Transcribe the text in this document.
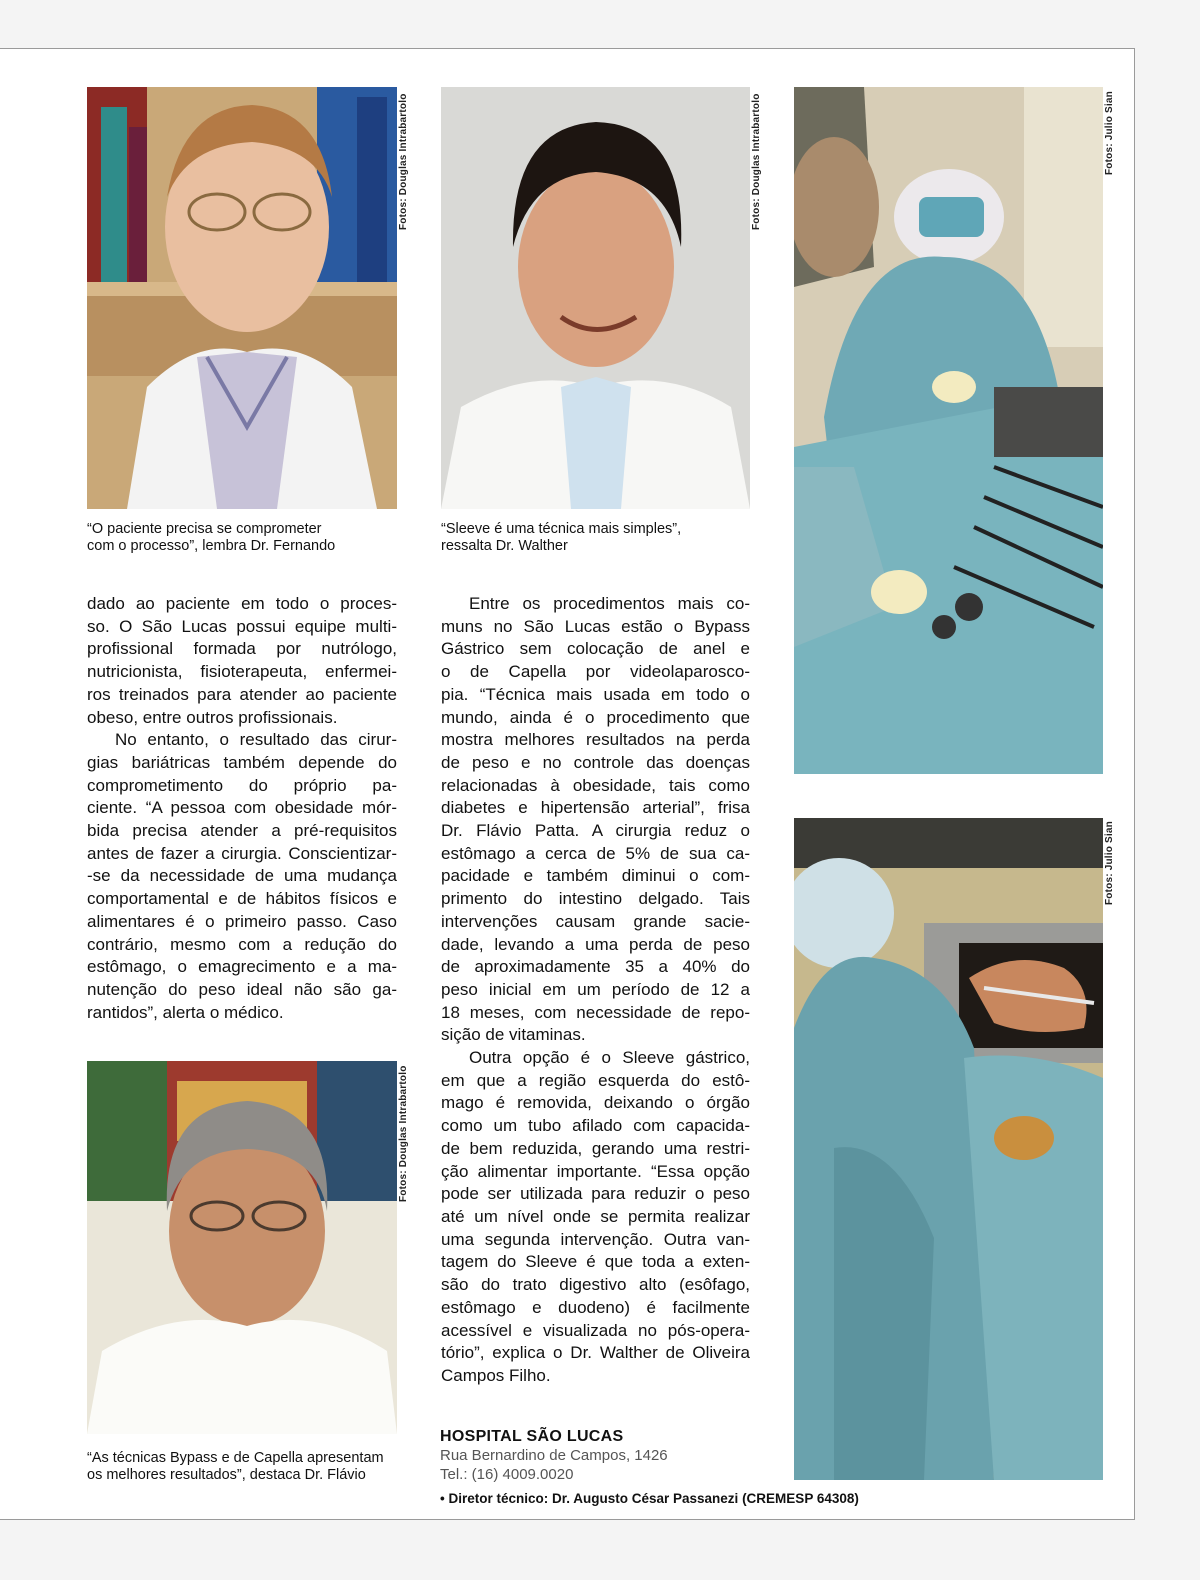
Fotos: Douglas Intrabartolo	Fotos: Douglas Intrabartolo	Fotos: Julio Sian
Fotos: Julio Sian
Fotos: Douglas Intrabartolo
“O paciente precisa se comprometer
com o processo”, lembra Dr. Fernando
“Sleeve é uma técnica mais simples”,
ressalta Dr. Walther
“As técnicas Bypass e de Capella apresentam
os melhores resultados”, destaca Dr. Flávio
dado ao paciente em todo o proces-
so. O São Lucas possui equipe multi-
profissional formada por nutrólogo,
nutricionista, fisioterapeuta, enfermei-
ros treinados para atender ao paciente
obeso, entre outros profissionais.
No entanto, o resultado das cirur-
gias bariátricas também depende do
comprometimento do próprio pa-
ciente. “A pessoa com obesidade mór-
bida precisa atender a pré-requisitos
antes de fazer a cirurgia. Conscientizar-
-se da necessidade de uma mudança
comportamental e de hábitos físicos e
alimentares é o primeiro passo. Caso
contrário, mesmo com a redução do
estômago, o emagrecimento e a ma-
nutenção do peso ideal não são ga-
rantidos”, alerta o médico.
Entre os procedimentos mais co-
muns no São Lucas estão o Bypass
Gástrico sem colocação de anel e
o de Capella por videolaparosco-
pia. “Técnica mais usada em todo o
mundo, ainda é o procedimento que
mostra melhores resultados na perda
de peso e no controle das doenças
relacionadas à obesidade, tais como
diabetes e hipertensão arterial”, frisa
Dr. Flávio Patta. A cirurgia reduz o
estômago a cerca de 5% de sua ca-
pacidade e também diminui o com-
primento do intestino delgado. Tais
intervenções causam grande sacie-
dade, levando a uma perda de peso
de aproximadamente 35 a 40% do
peso inicial em um período de 12 a
18 meses, com necessidade de repo-
sição de vitaminas.
Outra opção é o Sleeve gástrico,
em que a região esquerda do estô-
mago é removida, deixando o órgão
como um tubo afilado com capacida-
de bem reduzida, gerando uma restri-
ção alimentar importante. “Essa opção
pode ser utilizada para reduzir o peso
até um nível onde se permita realizar
uma segunda intervenção. Outra van-
tagem do Sleeve é que toda a exten-
são do trato digestivo alto (esôfago,
estômago e duodeno) é facilmente
acessível e visualizada no pós-opera-
tório”, explica o Dr. Walther de Oliveira
Campos Filho.
HOSPITAL SÃO LUCAS
Rua Bernardino de Campos, 1426
Tel.: (16) 4009.0020
• Diretor técnico: Dr. Augusto César Passanezi (CREMESP 64308)
